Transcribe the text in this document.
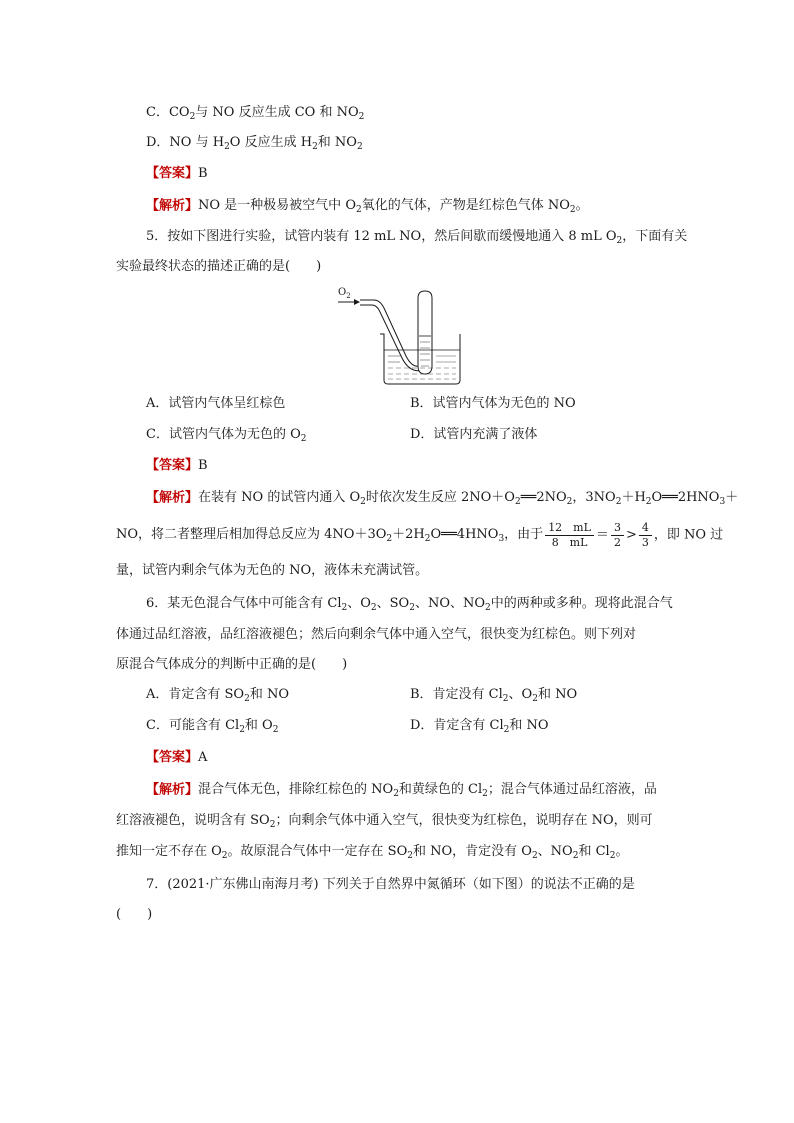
C．$CO_2$与 NO 反应生成 CO 和 $NO_2$
D．NO 与 $H_2O$ 反应生成 $H_2$和 $NO_2$
【答案】B
【解析】NO 是一种极易被空气中 $O_2$氧化的气体，产物是红棕色气体 $NO_2$。
5．按如下图进行实验，试管内装有 12 mL NO，然后间歇而缓慢地通入 8 mL $O_2$，下面有关
实验最终状态的描述正确的是(　　)
$O_2$
A．试管内气体呈红棕色	B．试管内气体为无色的 NO
C．试管内气体为无色的 $O_2$	D．试管内充满了液体
【答案】B
【解析】在装有 NO 的试管内通入 $O_2$时依次发生反应 $2NO+O_2══2NO_2$，$3NO_2+H_2O══2HNO_3+$
NO，将二者整理后相加得总反应为 $4NO+3O_2+2H_2O══4HNO_3$，由于 $\frac{12 mL}{8 mL} = \frac{3}{2} > \frac{4}{3}$ ，即 NO 过
量，试管内剩余气体为无色的 NO，液体未充满试管。
6．某无色混合气体中可能含有 $Cl_2$、$O_2$、$SO_2$、NO、$NO_2$中的两种或多种。现将此混合气
体通过品红溶液，品红溶液褪色；然后向剩余气体中通入空气，很快变为红棕色。则下列对
原混合气体成分的判断中正确的是(　　)
A．肯定含有 $SO_2$和 NO	B．肯定没有 $Cl_2$、$O_2$和 NO
C．可能含有 $Cl_2$和 $O_2$	D．肯定含有 $Cl_2$和 NO
【答案】A
【解析】混合气体无色，排除红棕色的 $NO_2$和黄绿色的 $Cl_2$；混合气体通过品红溶液，品
红溶液褪色，说明含有 $SO_2$；向剩余气体中通入空气，很快变为红棕色，说明存在 NO，则可
推知一定不存在 $O_2$。故原混合气体中一定存在 $SO_2$和 NO，肯定没有 $O_2$、$NO_2$和 $Cl_2$。
7．(2021·广东佛山南海月考) 下列关于自然界中氮循环（如下图）的说法不正确的是
(　　)
